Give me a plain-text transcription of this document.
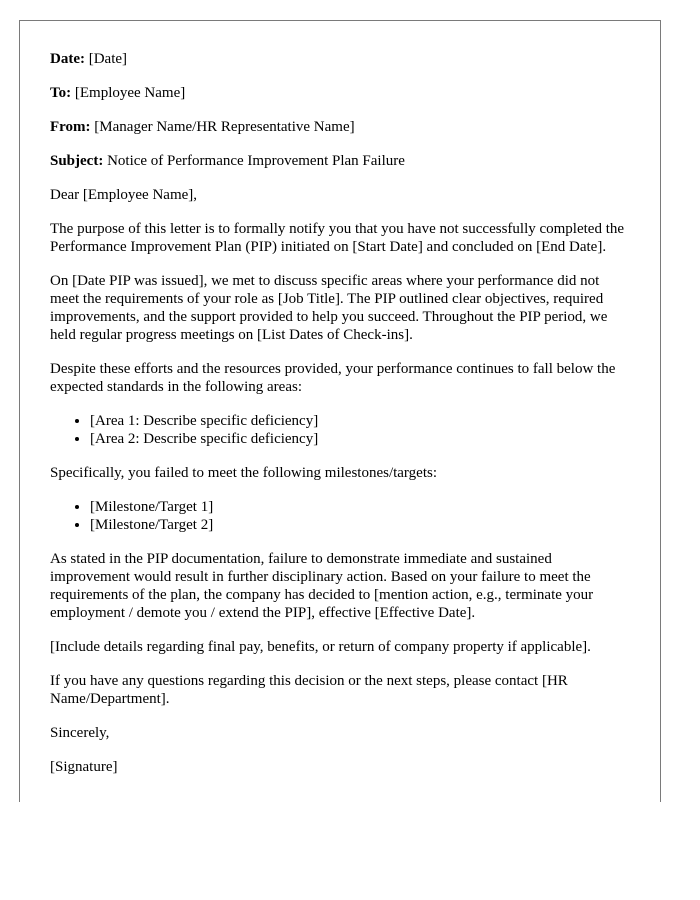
Date: [Date]

To: [Employee Name]

From: [Manager Name/HR Representative Name]

Subject: Notice of Performance Improvement Plan Failure

Dear [Employee Name],

The purpose of this letter is to formally notify you that you have not successfully completed the Performance Improvement Plan (PIP) initiated on [Start Date] and concluded on [End Date].

On [Date PIP was issued], we met to discuss specific areas where your performance did not meet the requirements of your role as [Job Title]. The PIP outlined clear objectives, required improvements, and the support provided to help you succeed. Throughout the PIP period, we held regular progress meetings on [List Dates of Check-ins].

Despite these efforts and the resources provided, your performance continues to fall below the expected standards in the following areas:

• [Area 1: Describe specific deficiency]
• [Area 2: Describe specific deficiency]

Specifically, you failed to meet the following milestones/targets:

• [Milestone/Target 1]
• [Milestone/Target 2]

As stated in the PIP documentation, failure to demonstrate immediate and sustained improvement would result in further disciplinary action. Based on your failure to meet the requirements of the plan, the company has decided to [mention action, e.g., terminate your employment / demote you / extend the PIP], effective [Effective Date].

[Include details regarding final pay, benefits, or return of company property if applicable].

If you have any questions regarding this decision or the next steps, please contact [HR Name/Department].

Sincerely,

[Signature]
